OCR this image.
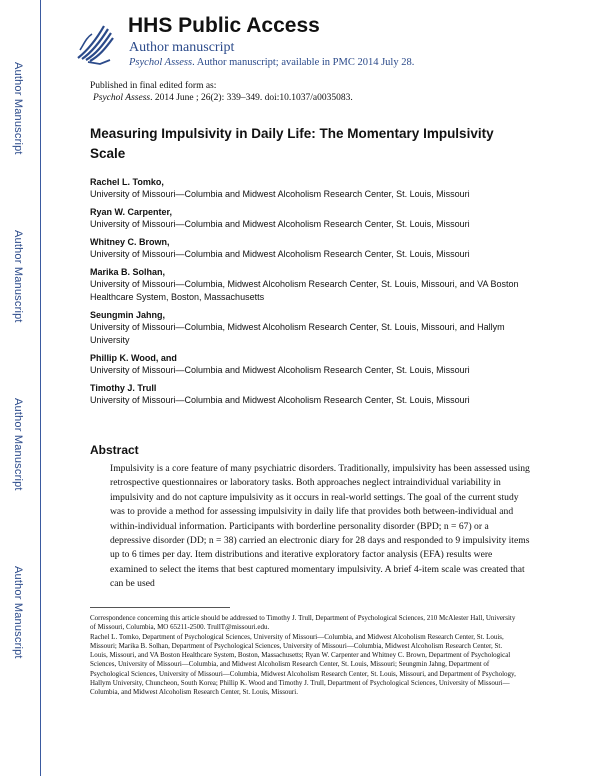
Author Manuscript
Author Manuscript
Author Manuscript
Author Manuscript
HHS Public Access
Author manuscript
Psychol Assess. Author manuscript; available in PMC 2014 July 28.
Published in final edited form as:
Psychol Assess. 2014 June ; 26(2): 339–349. doi:10.1037/a0035083.
Measuring Impulsivity in Daily Life: The Momentary Impulsivity Scale
Rachel L. Tomko,
University of Missouri—Columbia and Midwest Alcoholism Research Center, St. Louis, Missouri
Ryan W. Carpenter,
University of Missouri—Columbia and Midwest Alcoholism Research Center, St. Louis, Missouri
Whitney C. Brown,
University of Missouri—Columbia and Midwest Alcoholism Research Center, St. Louis, Missouri
Marika B. Solhan,
University of Missouri—Columbia, Midwest Alcoholism Research Center, St. Louis, Missouri, and VA Boston Healthcare System, Boston, Massachusetts
Seungmin Jahng,
University of Missouri—Columbia, Midwest Alcoholism Research Center, St. Louis, Missouri, and Hallym University
Phillip K. Wood, and
University of Missouri—Columbia and Midwest Alcoholism Research Center, St. Louis, Missouri
Timothy J. Trull
University of Missouri—Columbia and Midwest Alcoholism Research Center, St. Louis, Missouri
Abstract

Impulsivity is a core feature of many psychiatric disorders. Traditionally, impulsivity has been assessed using retrospective questionnaires or laboratory tasks. Both approaches neglect intraindividual variability in impulsivity and do not capture impulsivity as it occurs in real-world settings. The goal of the current study was to provide a method for assessing impulsivity in daily life that provides both between-individual and within-individual information. Participants with borderline personality disorder (BPD; n = 67) or a depressive disorder (DD; n = 38) carried an electronic diary for 28 days and responded to 9 impulsivity items up to 6 times per day. Item distributions and iterative exploratory factor analysis (EFA) results were examined to select the items that best captured momentary impulsivity. A brief 4-item scale was created that can be used

Correspondence concerning this article should be addressed to Timothy J. Trull, Department of Psychological Sciences, 210 McAlester Hall, University of Missouri, Columbia, MO 65211-2500. TrullT@missouri.edu.
Rachel L. Tomko, Department of Psychological Sciences, University of Missouri—Columbia, and Midwest Alcoholism Research Center, St. Louis, Missouri; Marika B. Solhan, Department of Psychological Sciences, University of Missouri—Columbia, Midwest Alcoholism Research Center, St. Louis, Missouri, and VA Boston Healthcare System, Boston, Massachusetts; Ryan W. Carpenter and Whitney C. Brown, Department of Psychological Sciences, University of Missouri—Columbia, and Midwest Alcoholism Research Center, St. Louis, Missouri; Seungmin Jahng, Department of Psychological Sciences, University of Missouri—Columbia, Midwest Alcoholism Research Center, St. Louis, Missouri, and Department of Psychology, Hallym University, Chuncheon, South Korea; Phillip K. Wood and Timothy J. Trull, Department of Psychological Sciences, University of Missouri—Columbia, and Midwest Alcoholism Research Center, St. Louis, Missouri.
